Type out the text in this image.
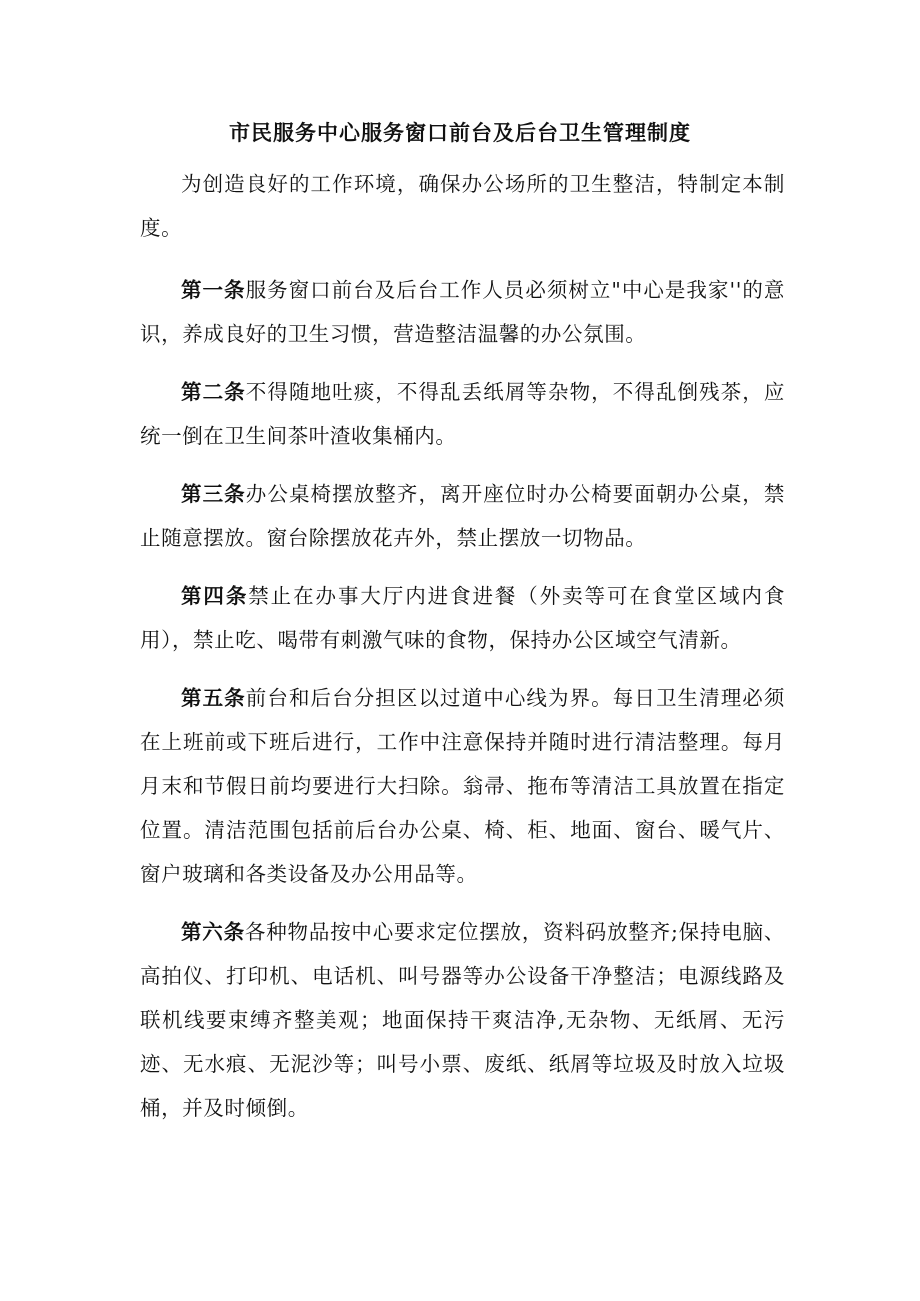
市民服务中心服务窗口前台及后台卫生管理制度

为创造良好的工作环境，确保办公场所的卫生整洁，特制定本制度。

第一条服务窗口前台及后台工作人员必须树立"中心是我家''的意识，养成良好的卫生习惯，营造整洁温馨的办公氛围。

第二条不得随地吐痰，不得乱丢纸屑等杂物，不得乱倒残茶，应统一倒在卫生间茶叶渣收集桶内。

第三条办公桌椅摆放整齐，离开座位时办公椅要面朝办公桌，禁止随意摆放。窗台除摆放花卉外，禁止摆放一切物品。

第四条禁止在办事大厅内进食进餐（外卖等可在食堂区域内食用），禁止吃、喝带有刺激气味的食物，保持办公区域空气清新。

第五条前台和后台分担区以过道中心线为界。每日卫生清理必须在上班前或下班后进行，工作中注意保持并随时进行清洁整理。每月月末和节假日前均要进行大扫除。翁帚、拖布等清洁工具放置在指定位置。清洁范围包括前后台办公桌、椅、柜、地面、窗台、暖气片、窗户玻璃和各类设备及办公用品等。

第六条各种物品按中心要求定位摆放，资料码放整齐;保持电脑、高拍仪、打印机、电话机、叫号器等办公设备干净整洁；电源线路及联机线要束缚齐整美观；地面保持干爽洁净,无杂物、无纸屑、无污迹、无水痕、无泥沙等；叫号小票、废纸、纸屑等垃圾及时放入垃圾桶，并及时倾倒。
